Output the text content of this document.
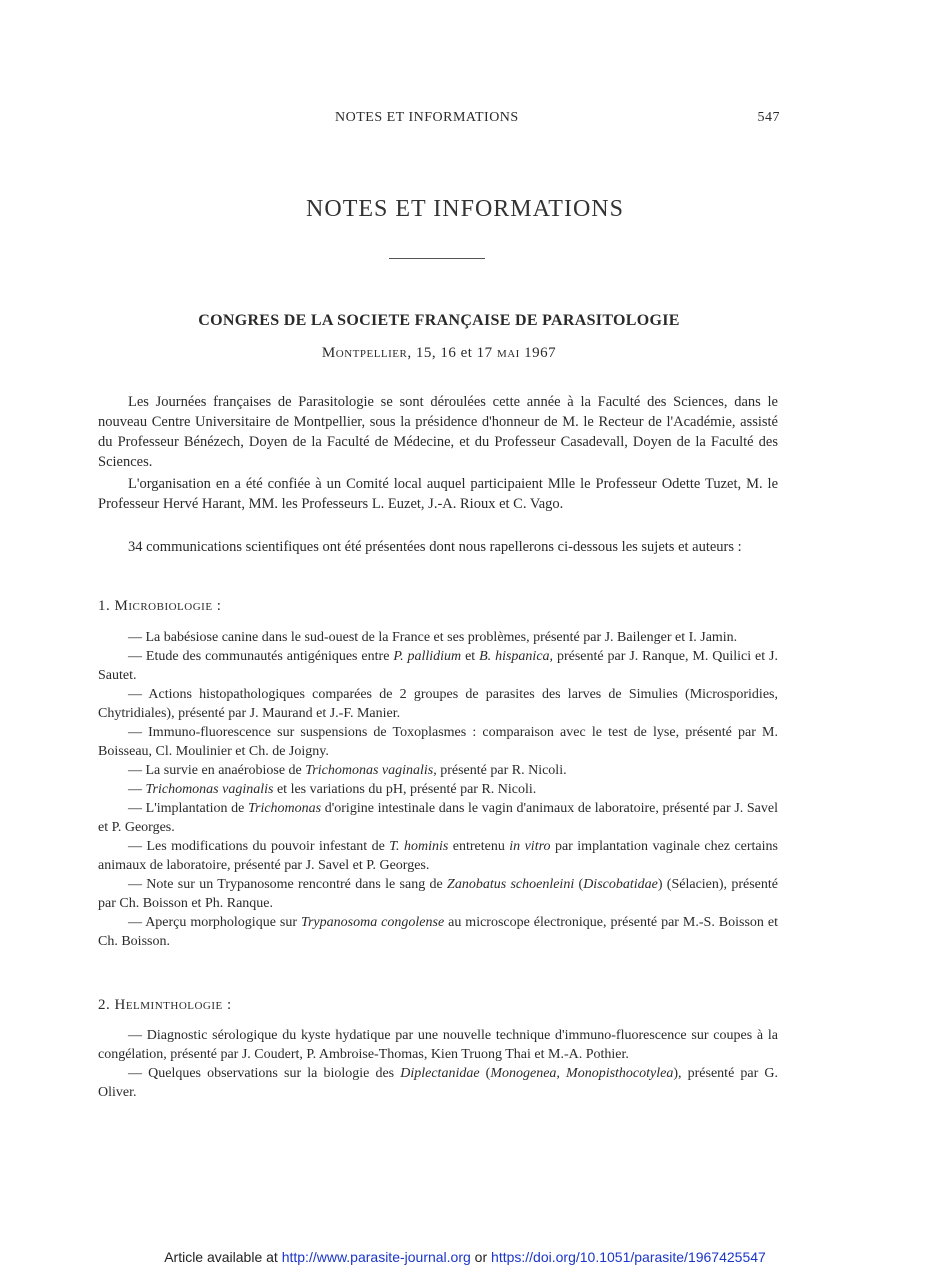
NOTES ET INFORMATIONS	547
NOTES ET INFORMATIONS
CONGRES DE LA SOCIETE FRANÇAISE DE PARASITOLOGIE
Montpellier, 15, 16 et 17 mai 1967
Les Journées françaises de Parasitologie se sont déroulées cette année à la Faculté des Sciences, dans le nouveau Centre Universitaire de Montpellier, sous la présidence d'honneur de M. le Recteur de l'Académie, assisté du Professeur Bénézech, Doyen de la Faculté de Médecine, et du Professeur Casadevall, Doyen de la Faculté des Sciences.
L'organisation en a été confiée à un Comité local auquel participaient Mlle le Professeur Odette Tuzet, M. le Professeur Hervé Harant, MM. les Professeurs L. Euzet, J.-A. Rioux et C. Vago.
34 communications scientifiques ont été présentées dont nous rapellerons ci-dessous les sujets et auteurs :
1. Microbiologie :

— La babésiose canine dans le sud-ouest de la France et ses problèmes, présenté par J. Bailenger et I. Jamin.

— Etude des communautés antigéniques entre P. pallidium et B. hispanica, présenté par J. Ranque, M. Quilici et J. Sautet.

— Actions histopathologiques comparées de 2 groupes de parasites des larves de Simulies (Microsporidies, Chytridiales), présenté par J. Maurand et J.-F. Manier.

— Immuno-fluorescence sur suspensions de Toxoplasmes : comparaison avec le test de lyse, présenté par M. Boisseau, Cl. Moulinier et Ch. de Joigny.

— La survie en anaérobiose de Trichomonas vaginalis, présenté par R. Nicoli.

— Trichomonas vaginalis et les variations du pH, présenté par R. Nicoli.

— L'implantation de Trichomonas d'origine intestinale dans le vagin d'animaux de laboratoire, présenté par J. Savel et P. Georges.

— Les modifications du pouvoir infestant de T. hominis entretenu in vitro par implantation vaginale chez certains animaux de laboratoire, présenté par J. Savel et P. Georges.

— Note sur un Trypanosome rencontré dans le sang de Zanobatus schoenleini (Discobatidae) (Sélacien), présenté par Ch. Boisson et Ph. Ranque.

— Aperçu morphologique sur Trypanosoma congolense au microscope électronique, présenté par M.-S. Boisson et Ch. Boisson.

2. Helminthologie :

— Diagnostic sérologique du kyste hydatique par une nouvelle technique d'immuno-fluorescence sur coupes à la congélation, présenté par J. Coudert, P. Ambroise-Thomas, Kien Truong Thai et M.-A. Pothier.

— Quelques observations sur la biologie des Diplectanidae (Monogenea, Monopisthocotylea), présenté par G. Oliver.

Article available at http://www.parasite-journal.org or https://doi.org/10.1051/parasite/1967425547
